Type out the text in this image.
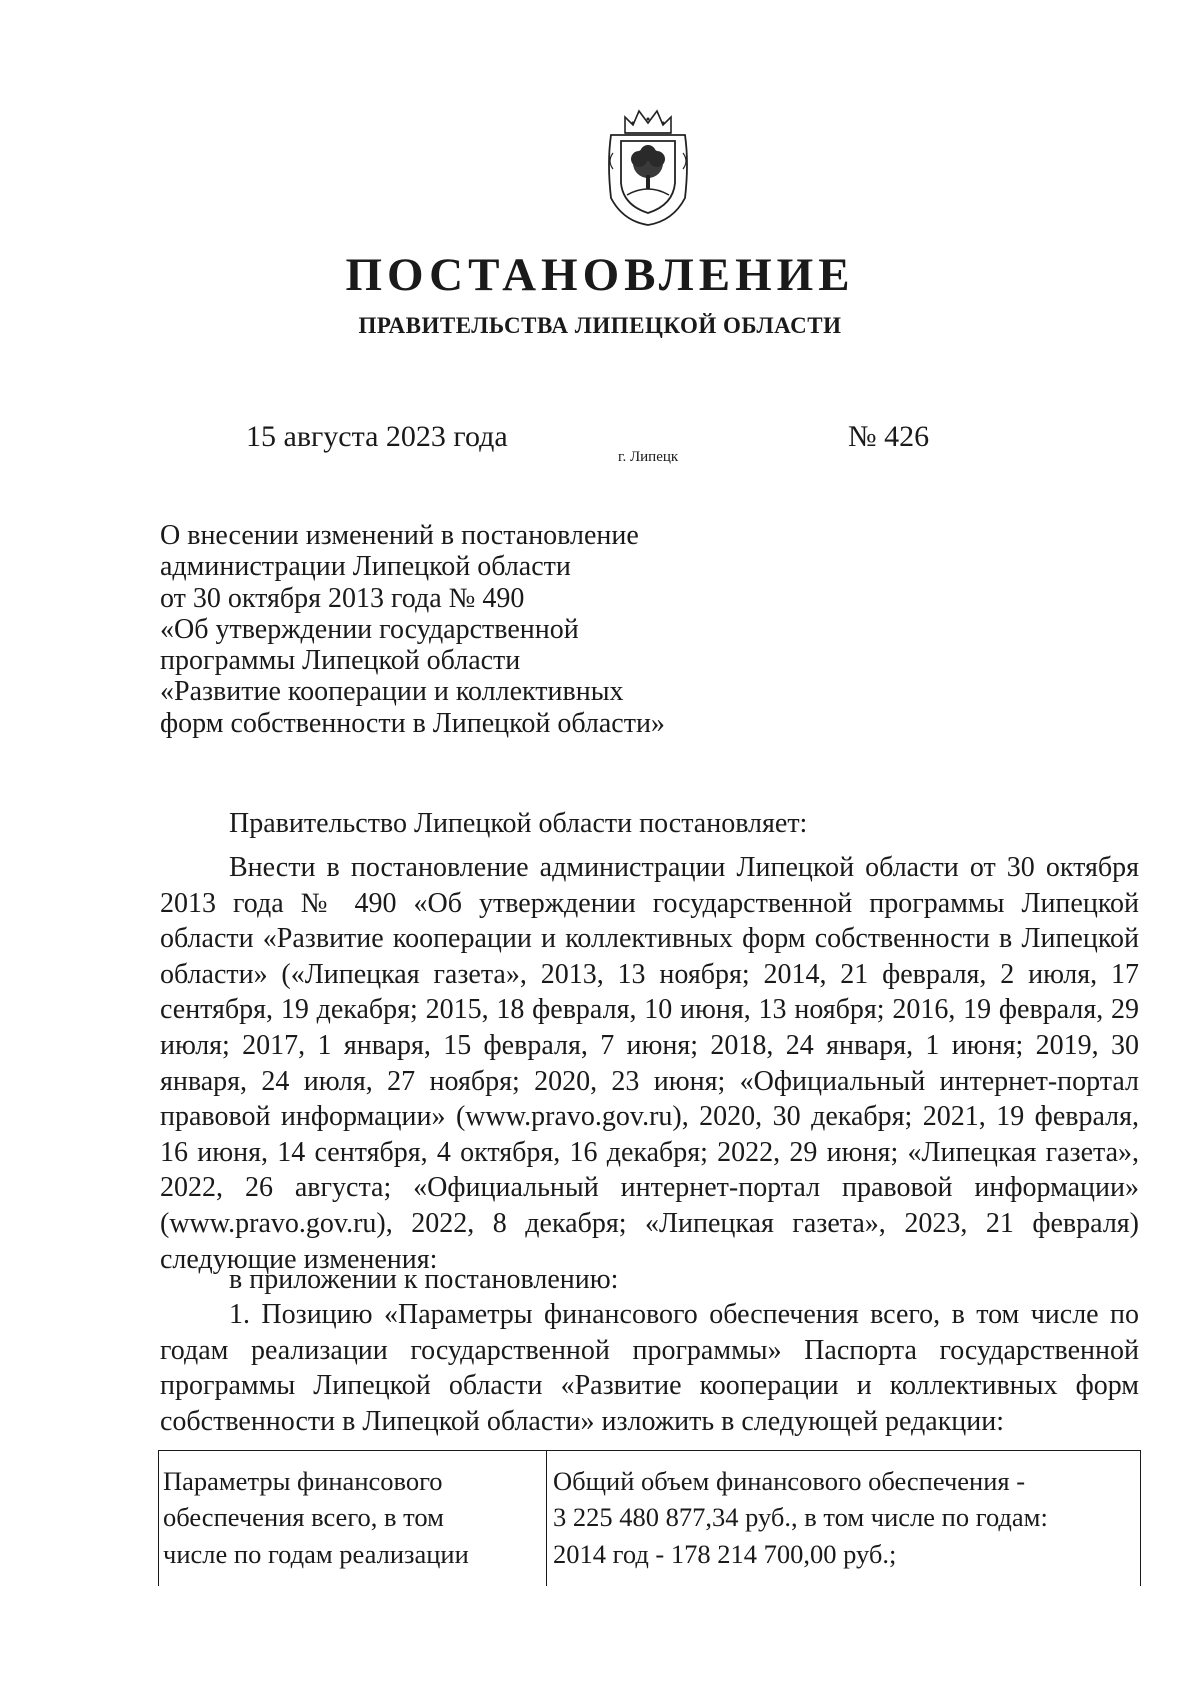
ПОСТАНОВЛЕНИЕ
ПРАВИТЕЛЬСТВА ЛИПЕЦКОЙ ОБЛАСТИ
15 августа 2023 года
г. Липецк
№ 426
О внесении изменений в постановление
администрации Липецкой области
от 30 октября 2013 года № 490
«Об утверждении государственной
программы Липецкой области
«Развитие кооперации и коллективных
форм собственности в Липецкой области»
Правительство Липецкой области постановляет:
Внести в постановление администрации Липецкой области от 30 октября 2013 года № 490 «Об утверждении государственной программы Липецкой области «Развитие кооперации и коллективных форм собственности в Липецкой области» («Липецкая газета», 2013, 13 ноября; 2014, 21 февраля, 2 июля, 17 сентября, 19 декабря; 2015, 18 февраля, 10 июня, 13 ноября; 2016, 19 февраля, 29 июля; 2017, 1 января, 15 февраля, 7 июня; 2018, 24 января, 1 июня; 2019, 30 января, 24 июля, 27 ноября; 2020, 23 июня; «Официальный интернет-портал правовой информации» (www.pravo.gov.ru), 2020, 30 декабря; 2021, 19 февраля, 16 июня, 14 сентября, 4 октября, 16 декабря; 2022, 29 июня; «Липецкая газета», 2022, 26 августа; «Официальный интернет-портал правовой информации» (www.pravo.gov.ru), 2022, 8 декабря; «Липецкая газета», 2023, 21 февраля) следующие изменения:
в приложении к постановлению:
1. Позицию «Параметры финансового обеспечения всего, в том числе по годам реализации государственной программы» Паспорта государственной программы Липецкой области «Развитие кооперации и коллективных форм собственности в Липецкой области» изложить в следующей редакции:
Параметры финансового
обеспечения всего, в том
числе по годам реализации
Общий объем финансового обеспечения -
3 225 480 877,34 руб., в том числе по годам:
2014 год - 178 214 700,00 руб.;
